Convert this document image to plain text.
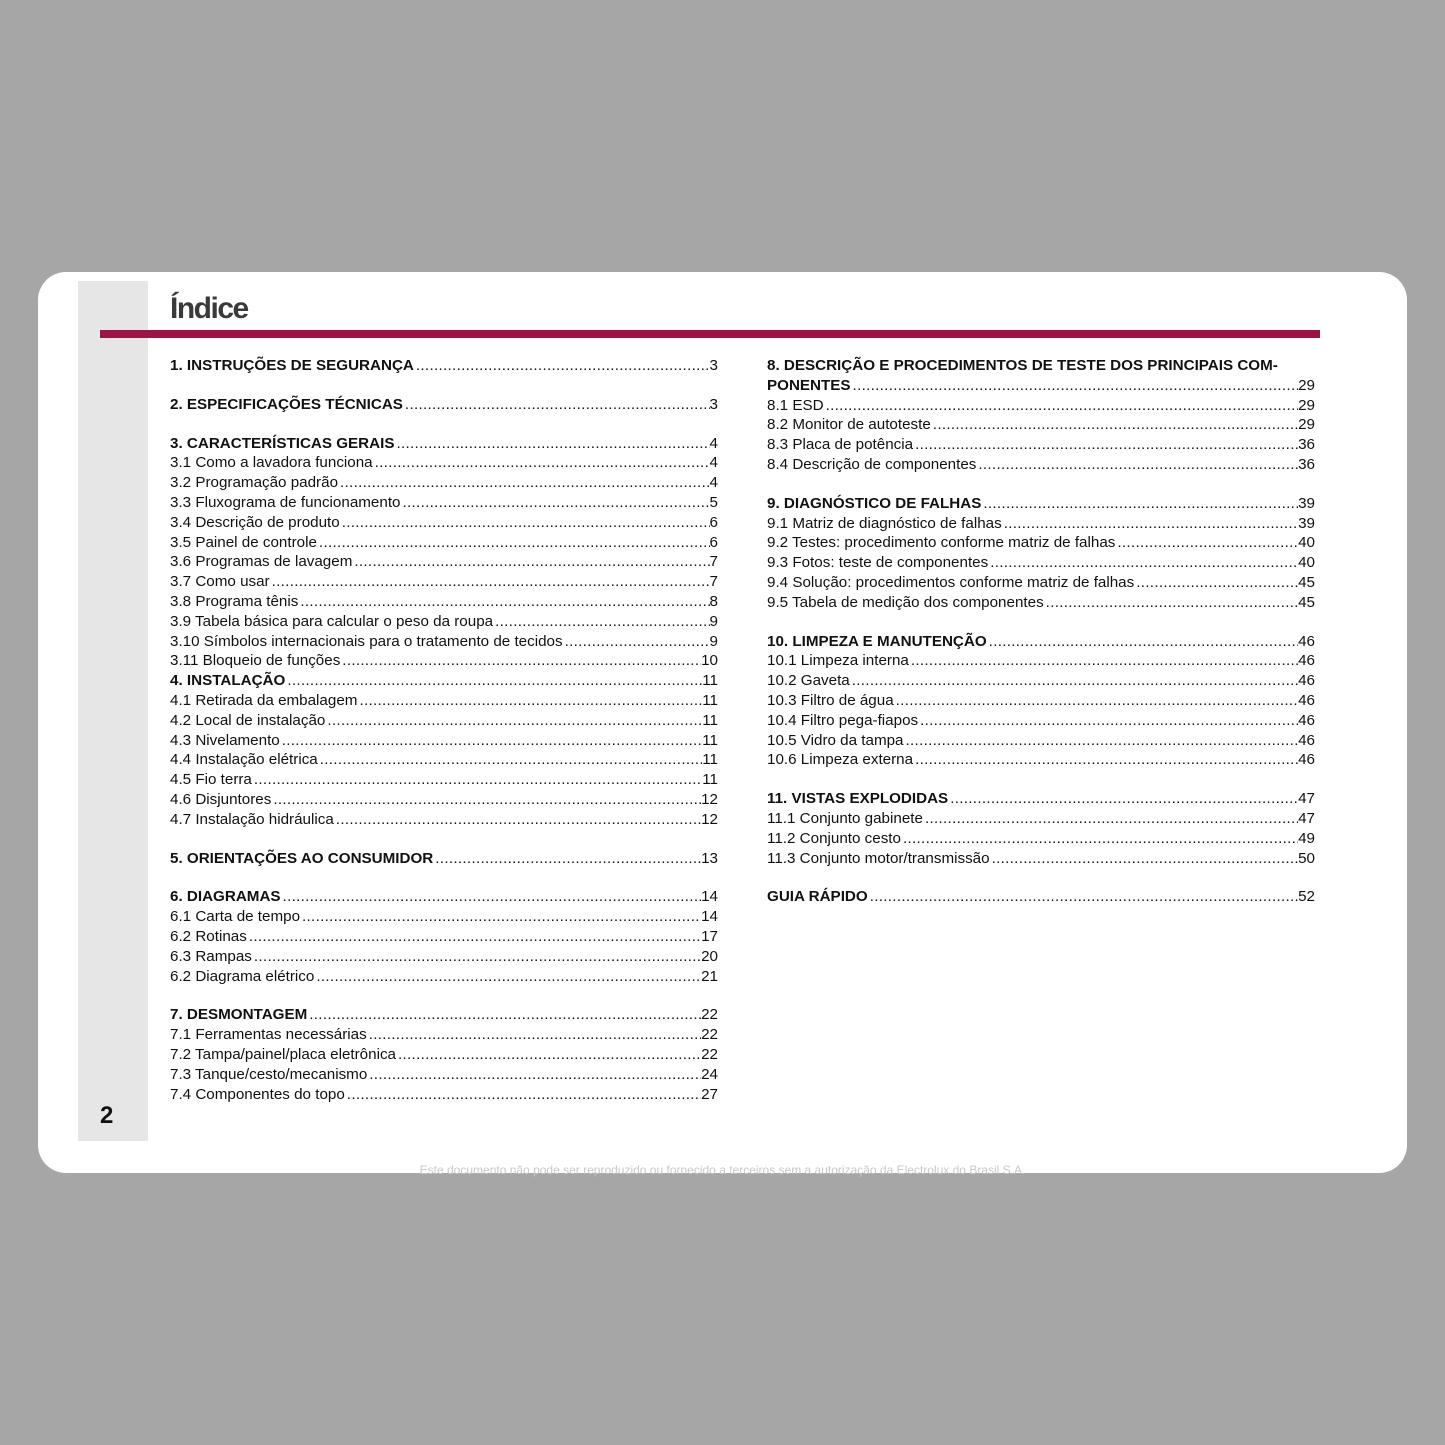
2
Índice
1. INSTRUÇÕES DE SEGURANÇA .....	3
2. ESPECIFICAÇÕES TÉCNICAS .....	3
3. CARACTERÍSTICAS GERAIS .....	4
3.1 Como a lavadora funciona .....	4
3.2 Programação padrão .....	4
3.3 Fluxograma de funcionamento .....	5
3.4 Descrição de produto .....	6
3.5 Painel de controle .....	6
3.6 Programas de lavagem .....	7
3.7 Como usar .....	7
3.8 Programa tênis .....	8
3.9 Tabela básica para calcular o peso da roupa .....	9
3.10 Símbolos internacionais para o tratamento de tecidos .....	9
3.11 Bloqueio de funções .....	10
4. INSTALAÇÃO .....	11
4.1 Retirada da embalagem .....	11
4.2 Local de instalação .....	11
4.3 Nivelamento .....	11
4.4 Instalação elétrica .....	11
4.5 Fio terra .....	11
4.6 Disjuntores .....	12
4.7 Instalação hidráulica .....	12
5. ORIENTAÇÕES AO CONSUMIDOR .....	13
6. DIAGRAMAS .....	14
6.1 Carta de tempo .....	14
6.2 Rotinas .....	17
6.3 Rampas .....	20
6.2 Diagrama elétrico .....	21
7. DESMONTAGEM .....	22
7.1 Ferramentas necessárias .....	22
7.2 Tampa/painel/placa eletrônica .....	22
7.3 Tanque/cesto/mecanismo .....	24
7.4 Componentes do topo .....	27
8. DESCRIÇÃO E PROCEDIMENTOS DE TESTE DOS PRINCIPAIS COM-
PONENTES .....	29
8.1 ESD .....	29
8.2 Monitor de autoteste .....	29
8.3 Placa de potência .....	36
8.4 Descrição de componentes .....	36
9. DIAGNÓSTICO DE FALHAS .....	39
9.1 Matriz de diagnóstico de falhas .....	39
9.2 Testes: procedimento conforme matriz de falhas .....	40
9.3 Fotos: teste de componentes .....	40
9.4 Solução: procedimentos conforme matriz de falhas .....	45
9.5 Tabela de medição dos componentes .....	45
10. LIMPEZA E MANUTENÇÃO .....	46
10.1 Limpeza interna .....	46
10.2 Gaveta .....	46
10.3 Filtro de água .....	46
10.4 Filtro pega-fiapos .....	46
10.5 Vidro da tampa .....	46
10.6 Limpeza externa .....	46
11. VISTAS EXPLODIDAS .....	47
11.1 Conjunto gabinete .....	47
11.2 Conjunto cesto .....	49
11.3 Conjunto motor/transmissão .....	50
GUIA RÁPIDO .....	52
Este documento não pode ser reproduzido ou fornecido a terceiros sem a autorização da Electrolux do Brasil S.A.
